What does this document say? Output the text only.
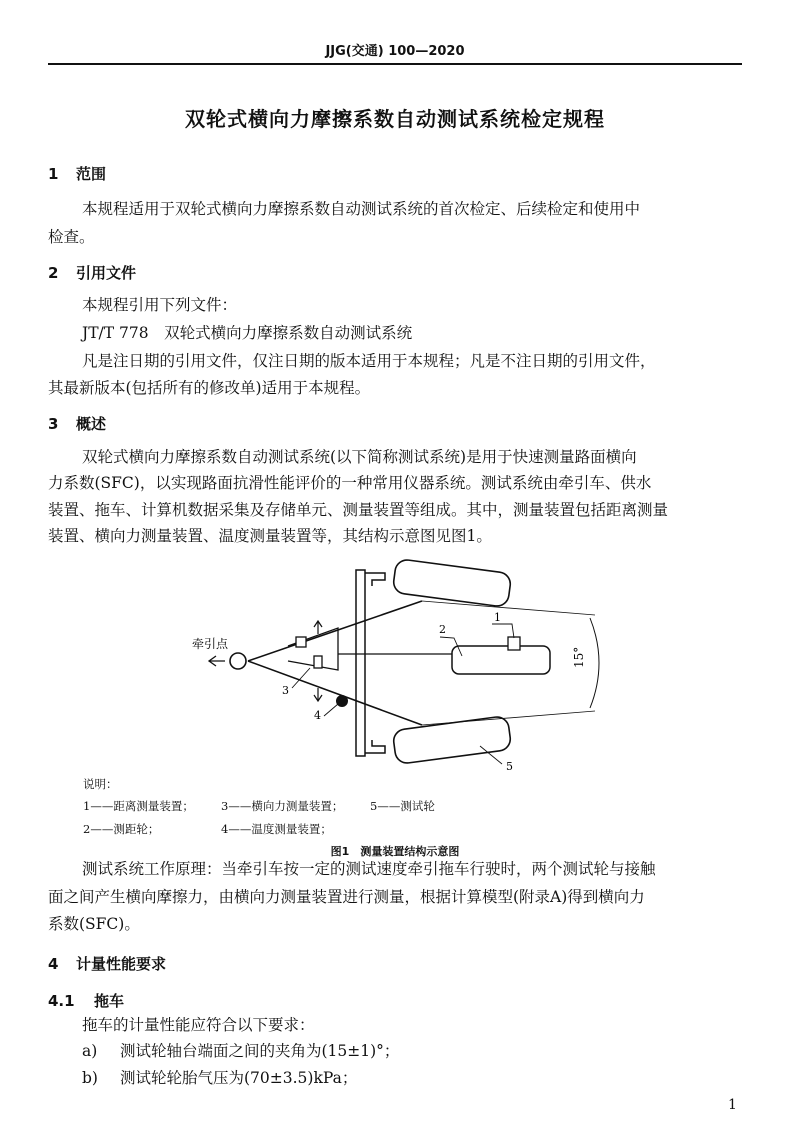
JJG(交通) 100—2020
双轮式横向力摩擦系数自动测试系统检定规程
1 范围
本规程适用于双轮式横向力摩擦系数自动测试系统的首次检定、后续检定和使用中
检查。
2 引用文件
本规程引用下列文件：
JT/T 778　双轮式横向力摩擦系数自动测试系统
凡是注日期的引用文件，仅注日期的版本适用于本规程；凡是不注日期的引用文件，
其最新版本(包括所有的修改单)适用于本规程。
3 概述
双轮式横向力摩擦系数自动测试系统(以下简称测试系统)是用于快速测量路面横向
力系数(SFC)，以实现路面抗滑性能评价的一种常用仪器系统。测试系统由牵引车、供水
装置、拖车、计算机数据采集及存储单元、测量装置等组成。其中，测量装置包括距离测量
装置、横向力测量装置、温度测量装置等，其结构示意图见图1。
牵引点
15°
1
2
3
4
5
说明：
1——距离测量装置； 3——横向力测量装置； 5——测试轮
2——测距轮；	4——温度测量装置；
图1　测量装置结构示意图
测试系统工作原理：当牵引车按一定的测试速度牵引拖车行驶时，两个测试轮与接触
面之间产生横向摩擦力，由横向力测量装置进行测量，根据计算模型(附录A)得到横向力
系数(SFC)。
4 计量性能要求
4.1 拖车
拖车的计量性能应符合以下要求：
a) 测试轮轴台端面之间的夹角为(15±1)°；
b) 测试轮轮胎气压为(70±3.5)kPa；
1
